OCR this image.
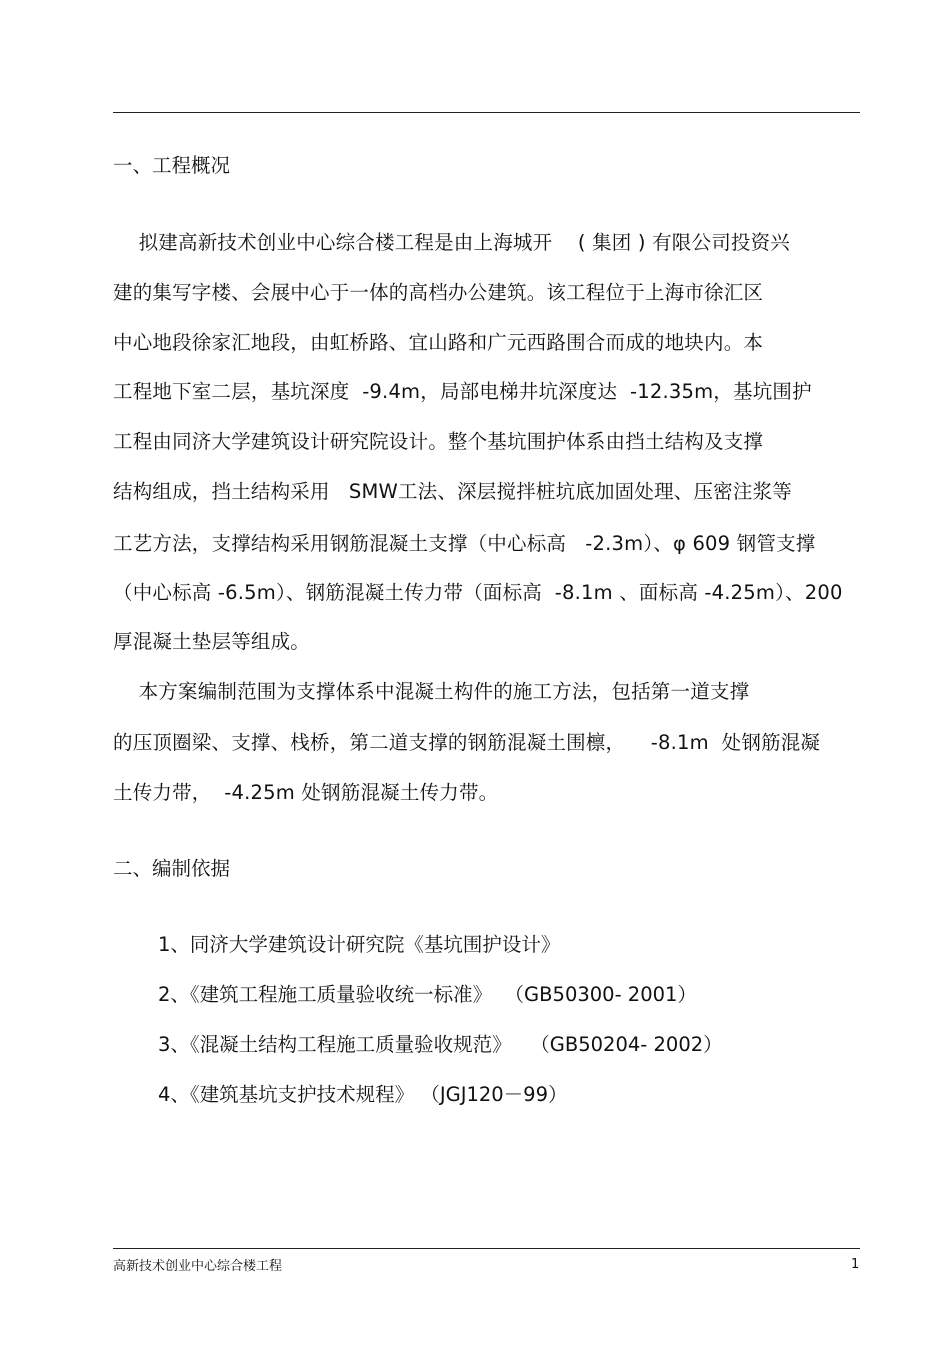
一、工程概况
拟建高新技术创业中心综合楼工程是由上海城开    ( 集团 ) 有限公司投资兴
建的集写字楼、会展中心于一体的高档办公建筑。该工程位于上海市徐汇区
中心地段徐家汇地段，由虹桥路、宜山路和广元西路围合而成的地块内。本
工程地下室二层，基坑深度  -9.4m，局部电梯井坑深度达  -12.35m，基坑围护
工程由同济大学建筑设计研究院设计。整个基坑围护体系由挡土结构及支撑
结构组成，挡土结构采用   SMW工法、深层搅拌桩坑底加固处理、压密注浆等
工艺方法，支撑结构采用钢筋混凝土支撑（中心标高   -2.3m）、φ 609 钢管支撑
（中心标高 -6.5m）、钢筋混凝土传力带（面标高  -8.1m 、面标高 -4.25m）、200
厚混凝土垫层等组成。
本方案编制范围为支撑体系中混凝土构件的施工方法，包括第一道支撑
的压顶圈梁、支撑、栈桥，第二道支撑的钢筋混凝土围檩，    -8.1m  处钢筋混凝
土传力带，  -4.25m 处钢筋混凝土传力带。
二、编制依据
1、同济大学建筑设计研究院《基坑围护设计》
2、《建筑工程施工质量验收统一标准》  （GB50300- 2001）
3、《混凝土结构工程施工质量验收规范》   （GB50204- 2002）
4、《建筑基坑支护技术规程》 （JGJ120－99）
高新技术创业中心综合楼工程	1
